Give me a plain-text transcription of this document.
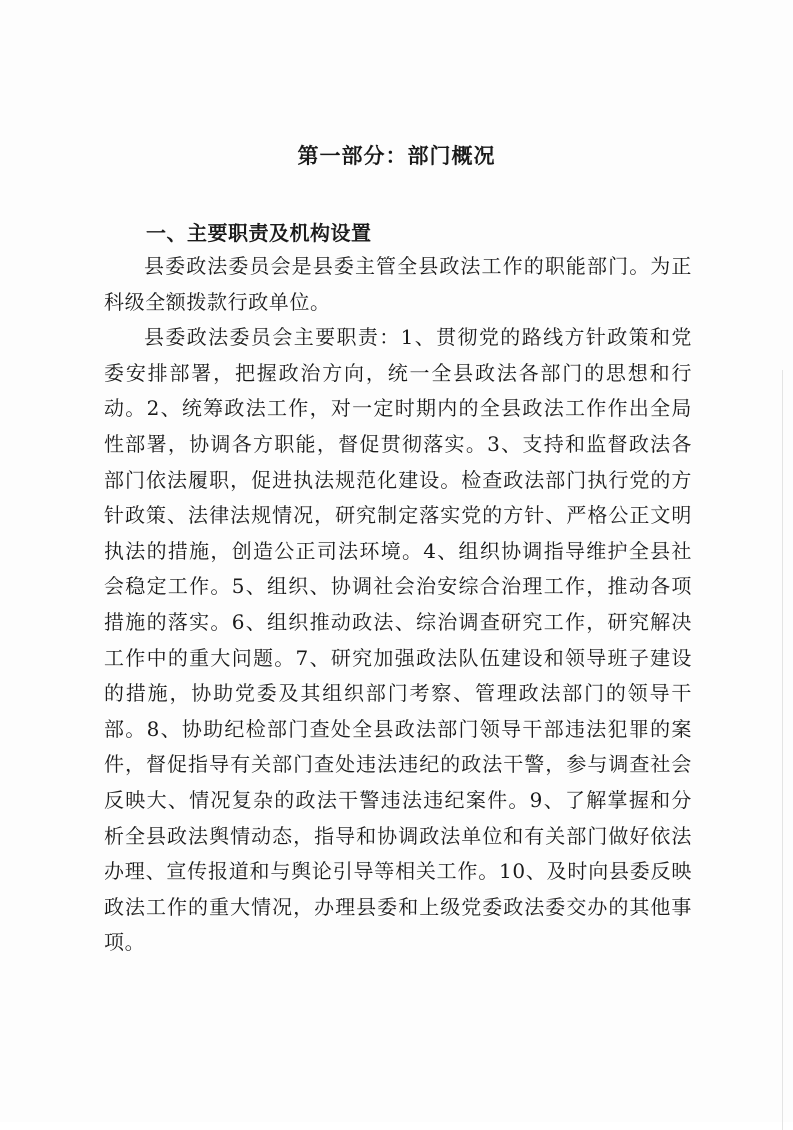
第一部分：部门概况
一、主要职责及机构设置

县委政法委员会是县委主管全县政法工作的职能部门。为正科级全额拨款行政单位。

县委政法委员会主要职责：1、贯彻党的路线方针政策和党委安排部署，把握政治方向，统一全县政法各部门的思想和行动。2、统筹政法工作，对一定时期内的全县政法工作作出全局性部署，协调各方职能，督促贯彻落实。3、支持和监督政法各部门依法履职，促进执法规范化建设。检查政法部门执行党的方针政策、法律法规情况，研究制定落实党的方针、严格公正文明执法的措施，创造公正司法环境。4、组织协调指导维护全县社会稳定工作。5、组织、协调社会治安综合治理工作，推动各项措施的落实。6、组织推动政法、综治调查研究工作，研究解决工作中的重大问题。7、研究加强政法队伍建设和领导班子建设的措施，协助党委及其组织部门考察、管理政法部门的领导干部。8、协助纪检部门查处全县政法部门领导干部违法犯罪的案件，督促指导有关部门查处违法违纪的政法干警，参与调查社会反映大、情况复杂的政法干警违法违纪案件。9、了解掌握和分析全县政法舆情动态，指导和协调政法单位和有关部门做好依法办理、宣传报道和与舆论引导等相关工作。10、及时向县委反映政法工作的重大情况，办理县委和上级党委政法委交办的其他事项。
